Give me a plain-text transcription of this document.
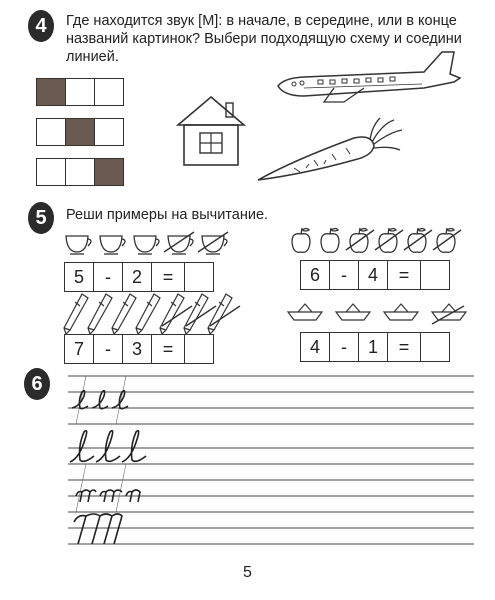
4	Где находится звук [М]: в начале, в середине, или в конце названий картинок? Выбери подходящую схему и соедини линией.
5	Реши примеры на вычитание.
5	-	2	=	6	-	4	=
7	-	3	=	4	-	1	=
6
5
